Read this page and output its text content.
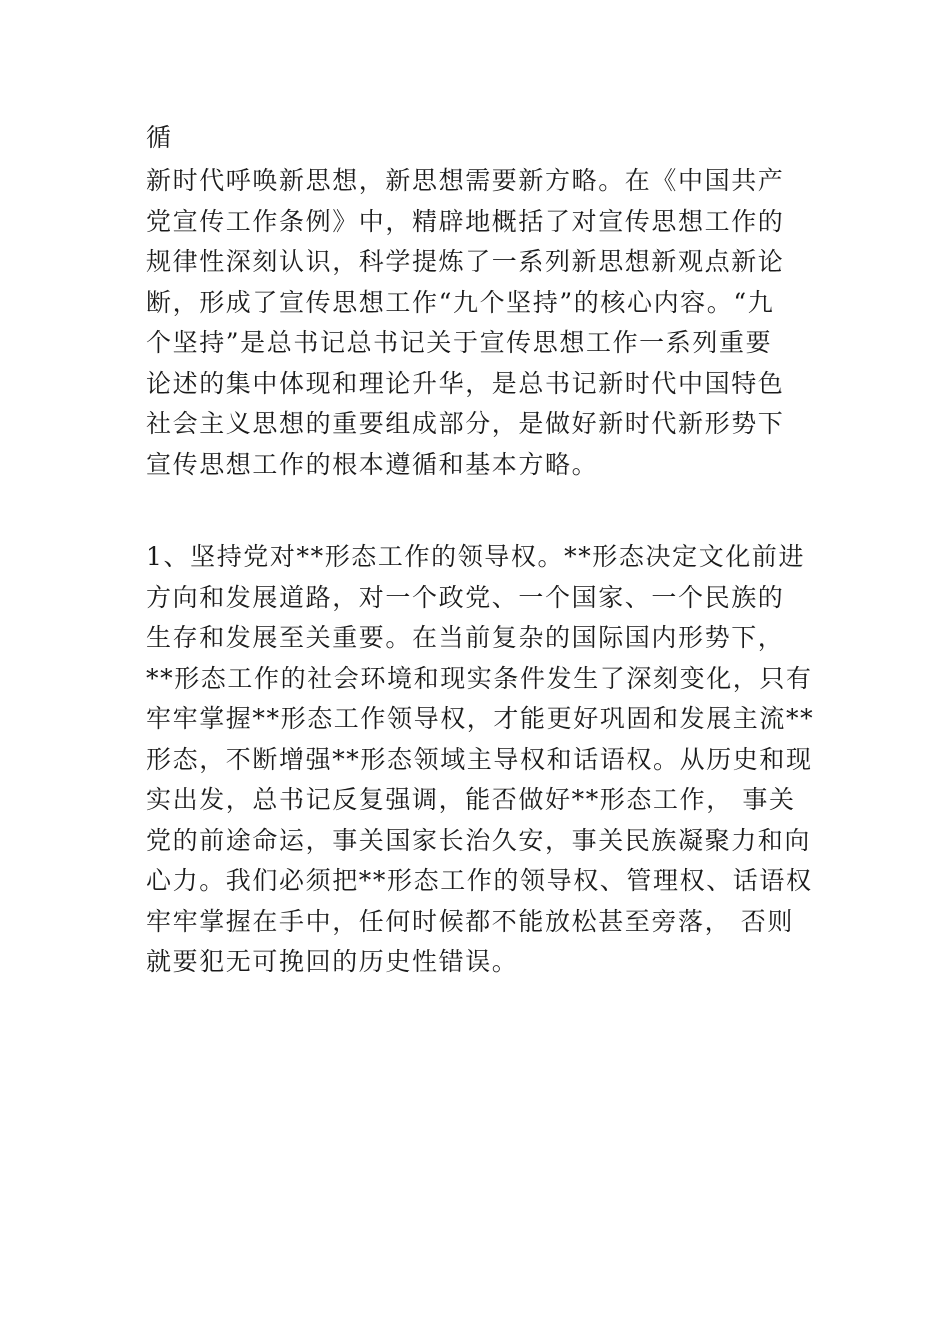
循
新时代呼唤新思想，新思想需要新方略。在《中国共产
党宣传工作条例》中，精辟地概括了对宣传思想工作的
规律性深刻认识，科学提炼了一系列新思想新观点新论
断，形成了宣传思想工作“九个坚持”的核心内容。“九
个坚持”是总书记总书记关于宣传思想工作一系列重要
论述的集中体现和理论升华，是总书记新时代中国特色
社会主义思想的重要组成部分，是做好新时代新形势下
宣传思想工作的根本遵循和基本方略。
1、坚持党对**形态工作的领导权。**形态决定文化前进
方向和发展道路，对一个政党、一个国家、一个民族的
生存和发展至关重要。在当前复杂的国际国内形势下，
**形态工作的社会环境和现实条件发生了深刻变化，只有
牢牢掌握**形态工作领导权，才能更好巩固和发展主流**
形态，不断增强**形态领域主导权和话语权。从历史和现
实出发，总书记反复强调，能否做好**形态工作， 事关
党的前途命运，事关国家长治久安，事关民族凝聚力和向
心力。我们必须把**形态工作的领导权、管理权、话语权
牢牢掌握在手中，任何时候都不能放松甚至旁落， 否则
就要犯无可挽回的历史性错误。
